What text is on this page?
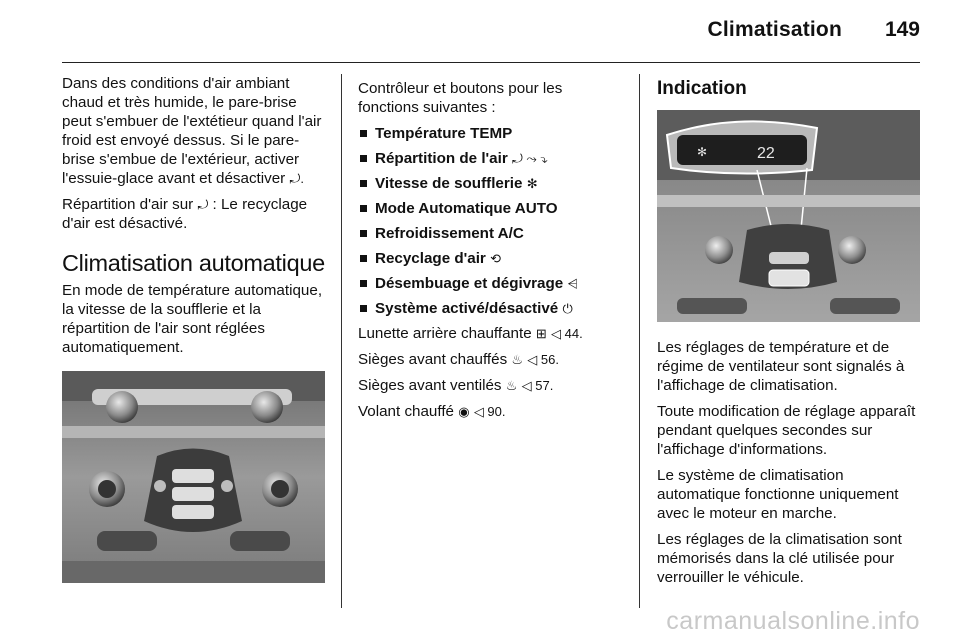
Climatisation 149

Dans des conditions d'air ambiant chaud et très humide, le pare-brise peut s'embuer de l'extétieur quand l'air froid est envoyé dessus. Si le pare-brise s'embue de l'extérieur, activer l'essuie-glace avant et désactiver ⤾.

Répartition d'air sur ⤾ : Le recyclage d'air est désactivé.

Climatisation automatique

En mode de température automatique, la vitesse de la soufflerie et la répartition de l'air sont réglées automatiquement.

Contrôleur et boutons pour les fonctions suivantes :

Température TEMP
Répartition de l'air ⤾ ⤳ ⤵
Vitesse de soufflerie ✻
Mode Automatique AUTO
Refroidissement A/C
Recyclage d'air ⟲
Désembuage et dégivrage ⩤
Système activé/désactivé ⏻

Lunette arrière chauffante ⊞ ◁ 44.

Sièges avant chauffés ♨ ◁ 56.

Sièges avant ventilés ♨ ◁ 57.

Volant chauffé ◉ ◁ 90.

Indication
✻	22

Les réglages de température et de régime de ventilateur sont signalés à l'affichage de climatisation.

Toute modification de réglage apparaît pendant quelques secondes sur l'affichage d'informations.

Le système de climatisation automatique fonctionne uniquement avec le moteur en marche.

Les réglages de la climatisation sont mémorisés dans la clé utilisée pour verrouiller le véhicule.

carmanualsonline.info
